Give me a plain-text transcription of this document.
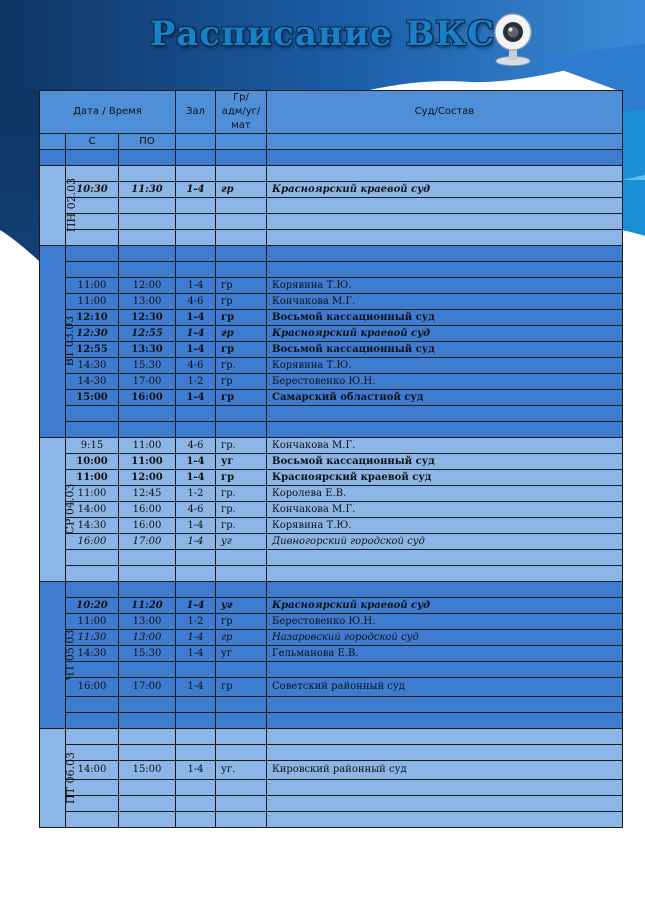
Расписание ВКС
Дата / Время			Зал	Гр/
адм/уг/
мат	Суд/Состав
	С	ПО			

ПН 02.03					
	10:30	11:30	1-4	гр	Красноярский краевой суд

ВТ 03.03					

	11:00	12:00	1-4	гр	Корявина Т.Ю.
	11:00	13:00	4-6	гр	Кончакова М.Г.
	12:10	12:30	1-4	гр	Восьмой кассационный суд
	12:30	12:55	1-4	гр	Красноярский краевой суд
	12:55	13:30	1-4	гр	Восьмой кассационный суд
	14:30	15:30	4-6	гр.	Корявина Т.Ю.
	14-30	17-00	1-2	гр	Берестовенко Ю.Н.
	15:00	16:00	1-4	гр	Самарский областной суд

СР 04.03	9:15	11:00	4-6	гр.	Кончакова М.Г.
	10:00	11:00	1-4	уг	Восьмой кассационный суд
	11:00	12:00	1-4	гр	Красноярский краевой суд
	11:00	12:45	1-2	гр.	Королева Е.В.
	14:00	16:00	4-6	гр.	Кончакова М.Г.
	14:30	16:00	1-4	гр.	Корявина Т.Ю.
	16:00	17:00	1-4	уг	Дивногорский городской суд

ЧТ 05.03					
	10:20	11:20	1-4	уг	Красноярский краевой суд
	11:00	13:00	1-2	гр	Берестовенко Ю.Н.
	11:30	13:00	1-4	гр	Назаровский городской суд
	14:30	15:30	1-4	уг	Гельманова Е.В.

	16:00	17:00	1-4	гр	Советский районный суд

ПТ 06.03					

	14:00	15:00	1-4	уг.	Кировский районный суд
